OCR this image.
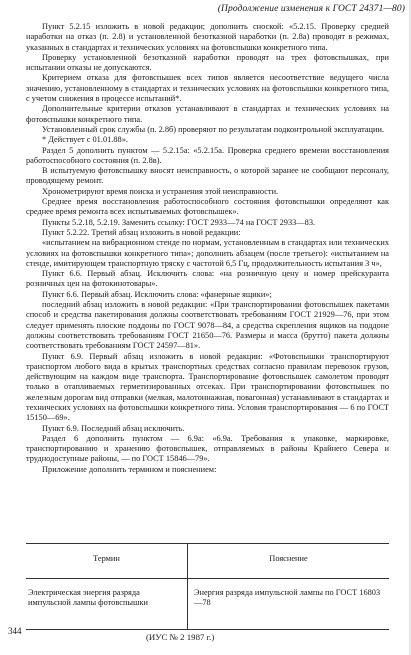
(Продолжение изменения к ГОСТ 24371—80)

Пункт 5.2.15 изложить в новой редакции; дополнить сноской: «5.2.15. Проверку средней наработки на отказ (п. 2.8) и установленной безотказной наработки (п. 2.8а) проводят в режимах, указанных в стандартах и технических условиях на фотовспышки конкретного типа.

Проверку установленной безотказной наработки проводят на трех фотовспышках, при испытании отказы не допускаются.

Критерием отказа для фотовспышек всех типов является несоответствие ведущего числа значению, установленному в стандартах и технических условиях на фотовспышки конкретного типа, с учетом снижения в процессе испытаний*.

Дополнительные критерии отказов устанавливают в стандартах и технических условиях на фотовспышки конкретного типа.

Установленный срок службы (п. 2.8б) проверяют по результатам подконтрольной эксплуатации.

* Действует с 01.01.88».

Раздел 5 дополнить пунктом — 5.2.15а: «5.2.15а. Проверка среднего времени восстановления работоспособного состояния (п. 2.8в).

В испытуемую фотовспышку вносят неисправность, о которой заранее не сообщают персоналу, проводящему ремонт.

Хронометрируют время поиска и устранения этой неисправности.

Среднее время восстановления работоспособного состояния фотовспышки определяют как среднее время ремонта всех испытываемых фотовспышек».

Пункты 5.2.18, 5.2.19. Заменить ссылку: ГОСТ 2933—74 на ГОСТ 2933—83.

Пункт 5.2.22. Третий абзац изложить в новой редакции:

«испытанием на вибрационном стенде по нормам, установленным в стандартах или технических условиях на фотовспышки конкретного типа»; дополнить абзацем (после третьего): «испытанием на стенде, имитирующем транспортную тряску с частотой 6,5 Гц, продолжительность испытания 3 ч»,

Пункт 6.6. Первый абзац. Исключить слова: «на розничную цену и номер прейскуранта розничных цен на фотокинотовары».

Пункт 6.6. Первый абзац. Исключить слова: «фанерные ящики»;

последний абзац изложить в новой редакции: «При транспортировании фотовспышек пакетами способ и средства пакетирования должны соответствовать требованиям ГОСТ 21929—76, при этом следует применять плоские поддоны по ГОСТ 9078—84, а средства скрепления ящиков на поддоне должны соответствовать требованиям ГОСТ 21650—76. Размеры и масса (брутто) пакета должны соответствовать требованиям ГОСТ 24597—81».

Пункт 6.9. Первый абзац изложить в новой редакции: «Фотовспышки транспортируют транспортом любого вида в крытых транспортных средствах согласно правилам перевозок грузов, действующим на каждом виде транспорта. Транспортирование фотовспышек самолетом проводят только в отапливаемых герметизированных отсеках. При транспортировании фотовспышек по железным дорогам вид отправки (мелкая, малотоннажная, повагонная) устанавливают в стандартах и технических условиях на фотовспышки конкретного типа. Условия транспортирования — 6 по ГОСТ 15150—69».

Пункт 6.9. Последний абзац исключить.

Раздел 6 дополнить пунктом — 6.9а: «6.9а. Требования к упаковке, маркировке, транспортированию и хранению фотовспышек, отправляемых в районы Крайнего Севера и труднодоступные районы, — по ГОСТ 15846—79».

Приложение дополнить термином и пояснением:

Термин	Пояснение
Электрическая энергия разряда импульсной лампы фотовспышки
Энергия разряда импульсной лампы по ГОСТ 16803—78
(ИУС № 2 1987 г.)
344
